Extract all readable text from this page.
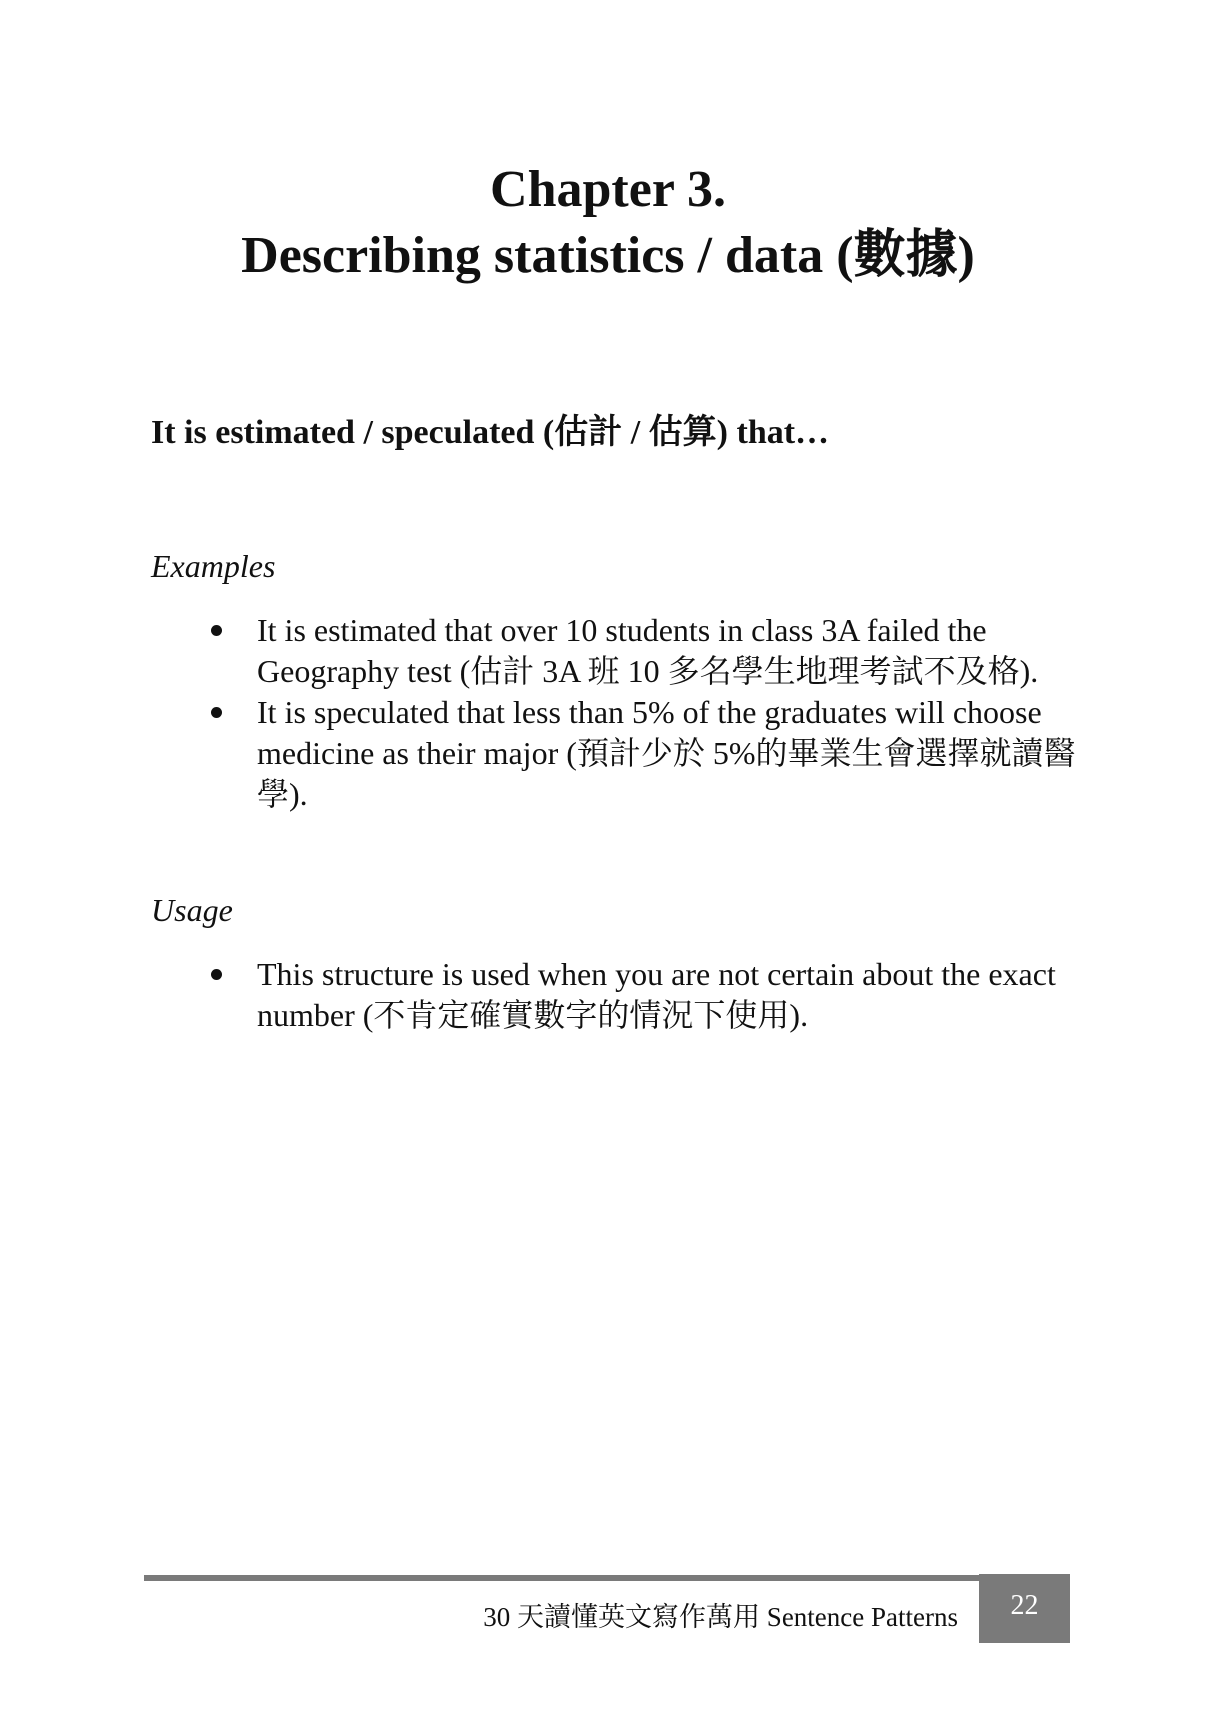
Chapter 3.
Describing statistics / data (數據)
It is estimated / speculated (估計 / 估算) that…
Examples
It is estimated that over 10 students in class 3A failed the Geography test (估計 3A 班 10 多名學生地理考試不及格).
It is speculated that less than 5% of the graduates will choose medicine as their major (預計少於 5%的畢業生會選擇就讀醫學).
Usage
This structure is used when you are not certain about the exact number (不肯定確實數字的情況下使用).
30 天讀懂英文寫作萬用 Sentence Patterns 22
